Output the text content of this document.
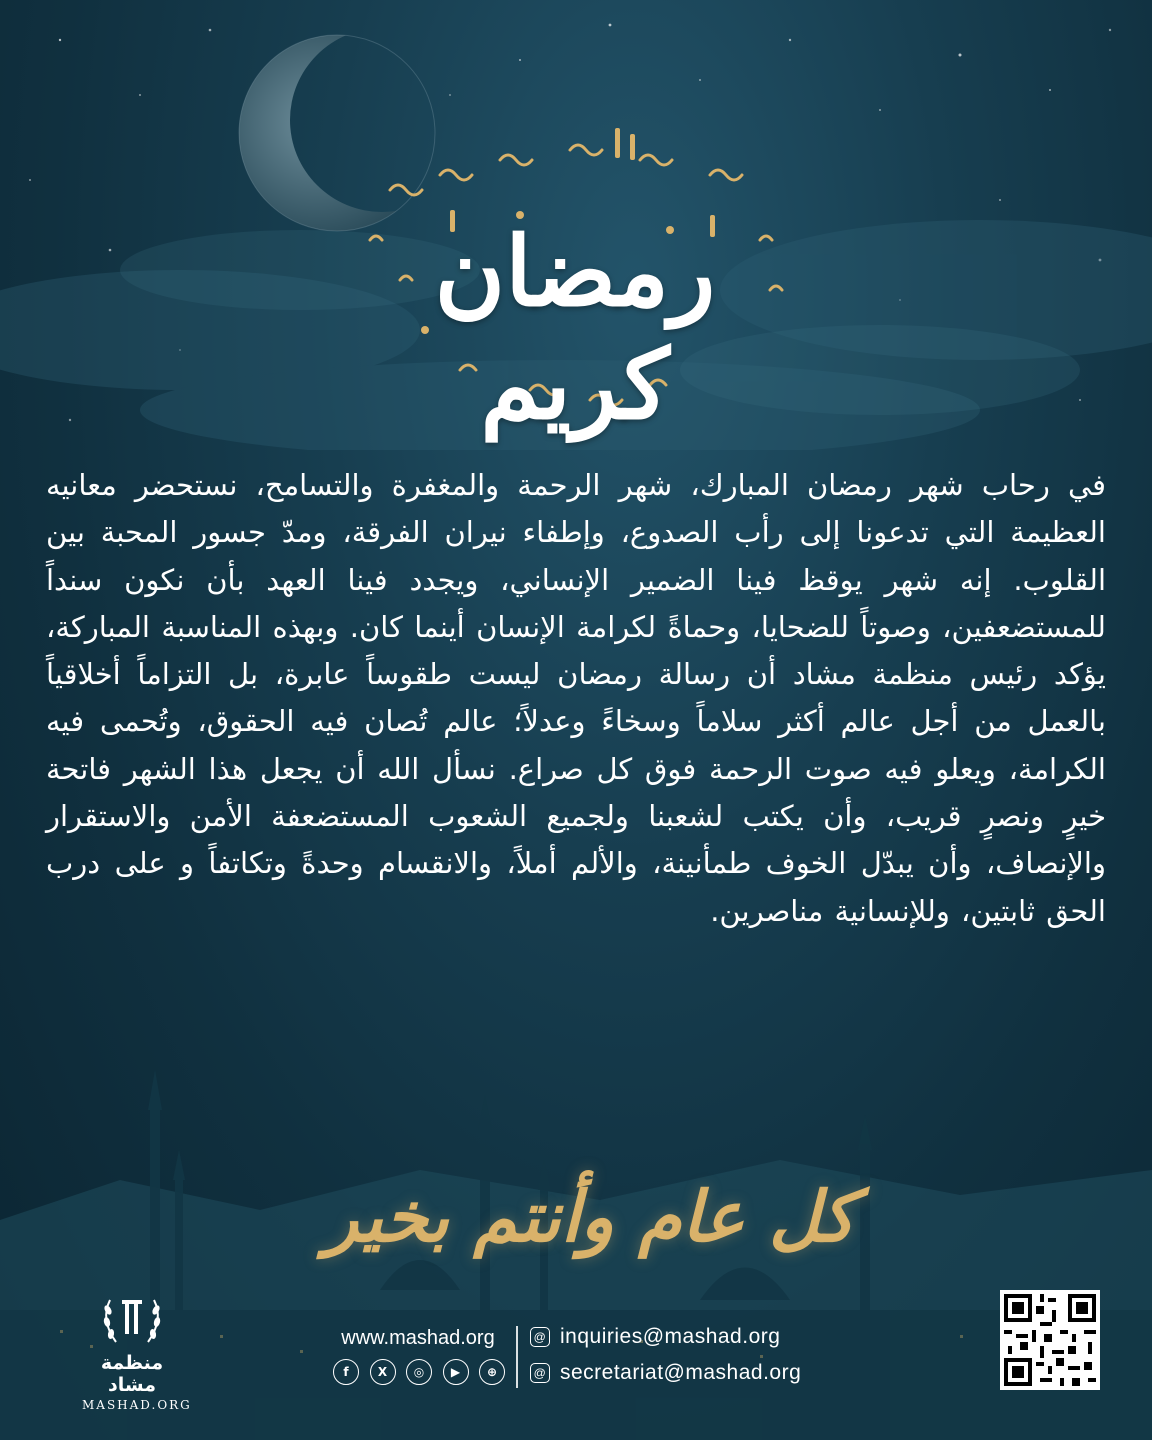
رمضان كريم
في رحاب شهر رمضان المبارك، شهر الرحمة والمغفرة والتسامح، نستحضر معانيه العظيمة التي تدعونا إلى رأب الصدوع، وإطفاء نيران الفرقة، ومدّ جسور المحبة بين القلوب. إنه شهر يوقظ فينا الضمير الإنساني، ويجدد فينا العهد بأن نكون سنداً للمستضعفين، وصوتاً للضحايا، وحماةً لكرامة الإنسان أينما كان. وبهذه المناسبة المباركة، يؤكد رئيس منظمة مشاد أن رسالة رمضان ليست طقوساً عابرة، بل التزاماً أخلاقياً بالعمل من أجل عالم أكثر سلاماً وسخاءً وعدلاً؛ عالم تُصان فيه الحقوق، وتُحمى فيه الكرامة، ويعلو فيه صوت الرحمة فوق كل صراع. نسأل الله أن يجعل هذا الشهر فاتحة خيرٍ ونصرٍ قريب، وأن يكتب لشعبنا ولجميع الشعوب المستضعفة الأمن والاستقرار والإنصاف، وأن يبدّل الخوف طمأنينة، والألم أملاً، والانقسام وحدةً وتكاتفاً و على درب الحق ثابتين، وللإنسانية مناصرين.
كل عام وأنتم بخير
منظمة مشاد
MASHAD.ORG
www.mashad.org
f	X	◎	▶	⊕
@ inquiries@mashad.org
@ secretariat@mashad.org
